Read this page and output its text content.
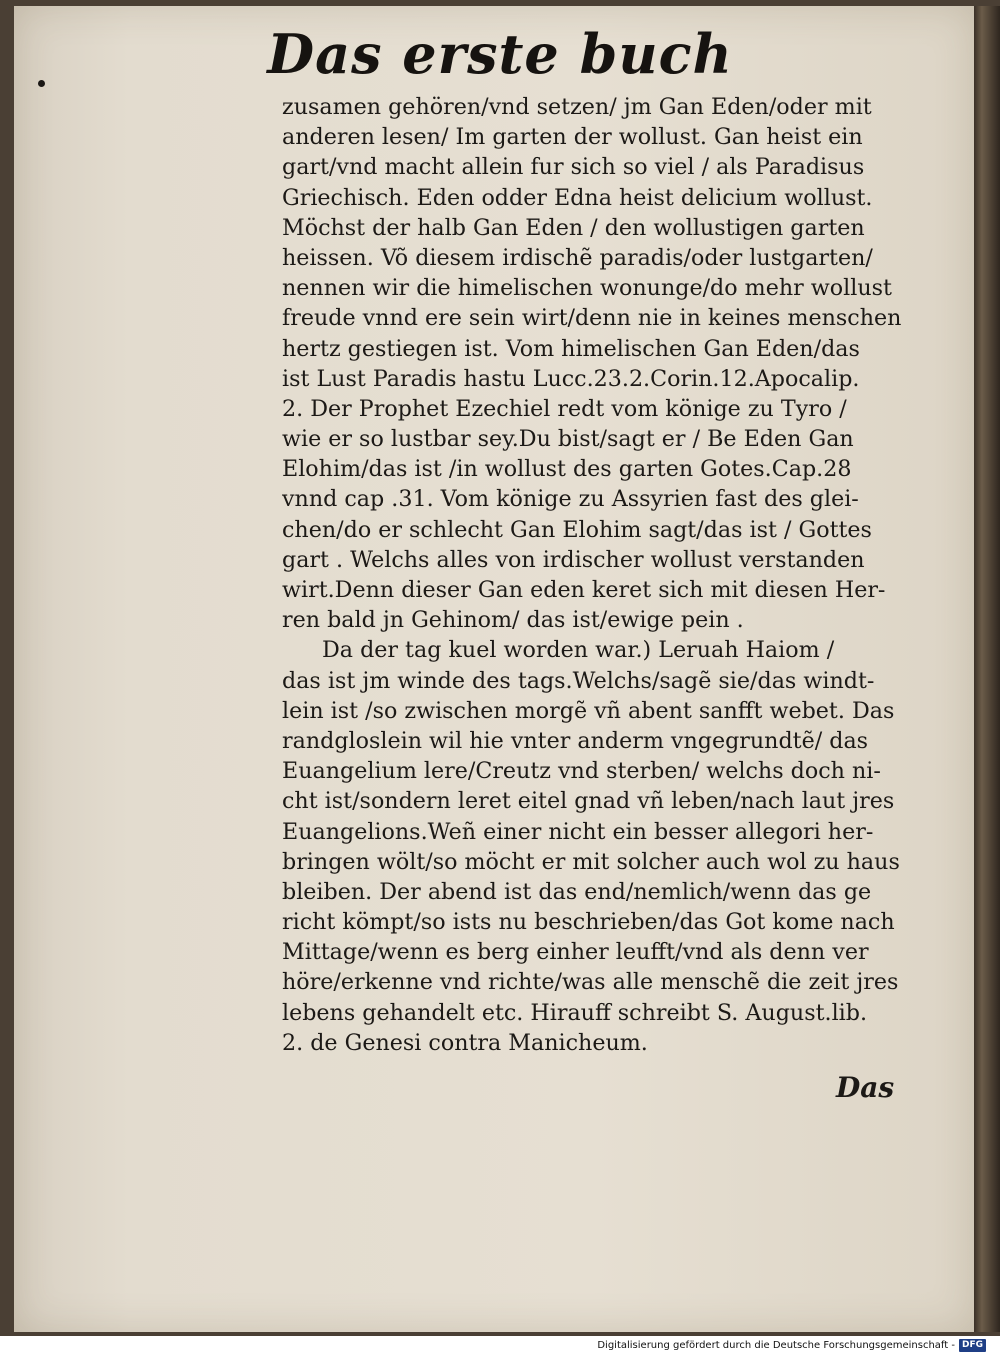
Das erste buch
zusamen gehören/vnd setzen/ jm Gan Eden/oder mit
anderen lesen/ Im garten der wollust. Gan heist ein
gart/vnd macht allein fur sich so viel / als Paradisus
Griechisch. Eden odder Edna heist delicium wollust.
Möchst der halb Gan Eden / den wollustigen garten
heissen. Võ diesem irdischẽ paradis/oder lustgarten/
nennen wir die himelischen wonunge/do mehr wollust
freude vnnd ere sein wirt/denn nie in keines menschen
hertz gestiegen ist. Vom himelischen Gan Eden/das
ist Lust Paradis hastu Lucc.23.2.Corin.12.Apocalip.
2. Der Prophet Ezechiel redt vom könige zu Tyro /
wie er so lustbar sey.Du bist/sagt er / Be Eden Gan
Elohim/das ist /in wollust des garten Gotes.Cap.28
vnnd cap .31. Vom könige zu Assyrien fast des glei-
chen/do er schlecht Gan Elohim sagt/das ist / Gottes
gart . Welchs alles von irdischer wollust verstanden
wirt.Denn dieser Gan eden keret sich mit diesen Her-
ren bald jn Gehinom/ das ist/ewige pein .
Da der tag kuel worden war.) Leruah Haiom /
das ist jm winde des tags.Welchs/sagẽ sie/das windt-
lein ist /so zwischen morgẽ vñ abent sanfft webet. Das
randgloslein wil hie vnter anderm vngegrundtẽ/ das
Euangelium lere/Creutz vnd sterben/ welchs doch ni-
cht ist/sondern leret eitel gnad vñ leben/nach laut jres
Euangelions.Weñ einer nicht ein besser allegori her-
bringen wölt/so möcht er mit solcher auch wol zu haus
bleiben. Der abend ist das end/nemlich/wenn das ge
richt kömpt/so ists nu beschrieben/das Got kome nach
Mittage/wenn es berg einher leufft/vnd als denn ver
höre/erkenne vnd richte/was alle menschẽ die zeit jres
lebens gehandelt etc. Hirauff schreibt S. August.lib.
2. de Genesi contra Manicheum.
Das
Digitalisierung gefördert durch die Deutsche Forschungsgemeinschaft - DFG
